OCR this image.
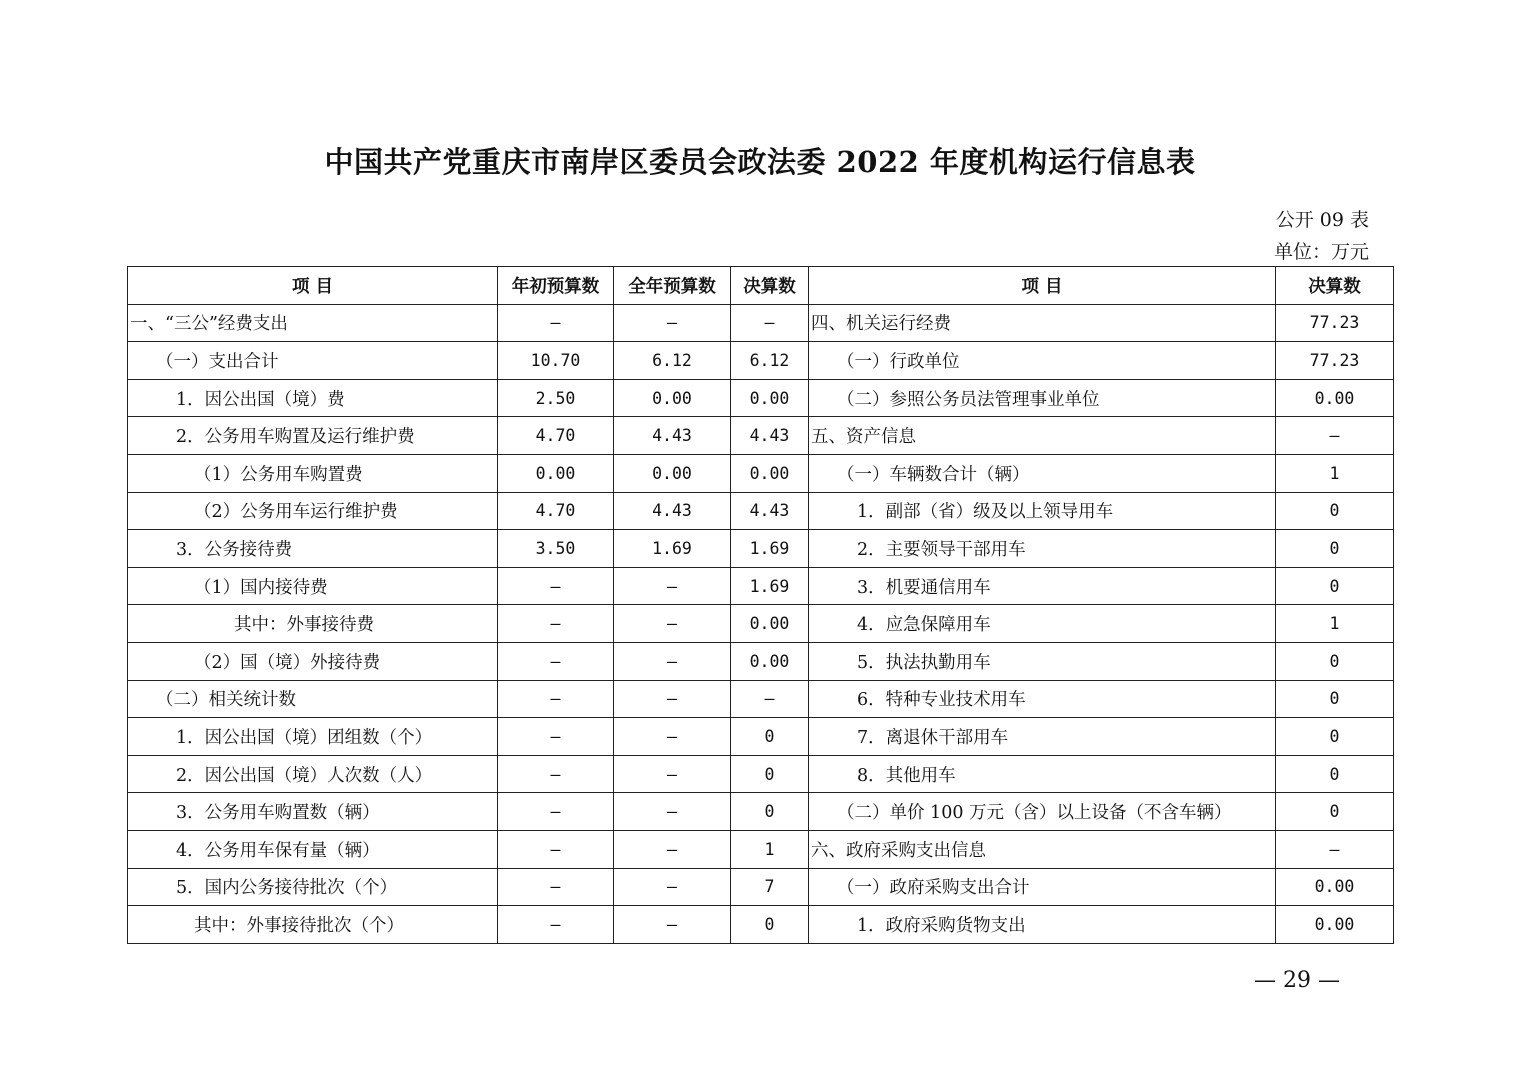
中国共产党重庆市南岸区委员会政法委 2022 年度机构运行信息表
公开 09 表
单位：万元
项 目	年初预算数	全年预算数	决算数	项 目	决算数
一、“三公”经费支出	—	—	—	四、机关运行经费	77.23
（一）支出合计	10.70	6.12	6.12	（一）行政单位	77.23
1．因公出国（境）费	2.50	0.00	0.00	（二）参照公务员法管理事业单位	0.00
2．公务用车购置及运行维护费	4.70	4.43	4.43	五、资产信息	—
（1）公务用车购置费	0.00	0.00	0.00	（一）车辆数合计（辆）	1
（2）公务用车运行维护费	4.70	4.43	4.43	1．副部（省）级及以上领导用车	0
3．公务接待费	3.50	1.69	1.69	2．主要领导干部用车	0
（1）国内接待费	—	—	1.69	3．机要通信用车	0
其中：外事接待费	—	—	0.00	4．应急保障用车	1
（2）国（境）外接待费	—	—	0.00	5．执法执勤用车	0
（二）相关统计数	—	—	—	6．特种专业技术用车	0
1．因公出国（境）团组数（个）	—	—	0	7．离退休干部用车	0
2．因公出国（境）人次数（人）	—	—	0	8．其他用车	0
3．公务用车购置数（辆）	—	—	0	（二）单价 100 万元（含）以上设备（不含车辆）	0
4．公务用车保有量（辆）	—	—	1	六、政府采购支出信息	—
5．国内公务接待批次（个）	—	—	7	（一）政府采购支出合计	0.00
其中：外事接待批次（个）	—	—	0	1．政府采购货物支出	0.00
— 29 —
